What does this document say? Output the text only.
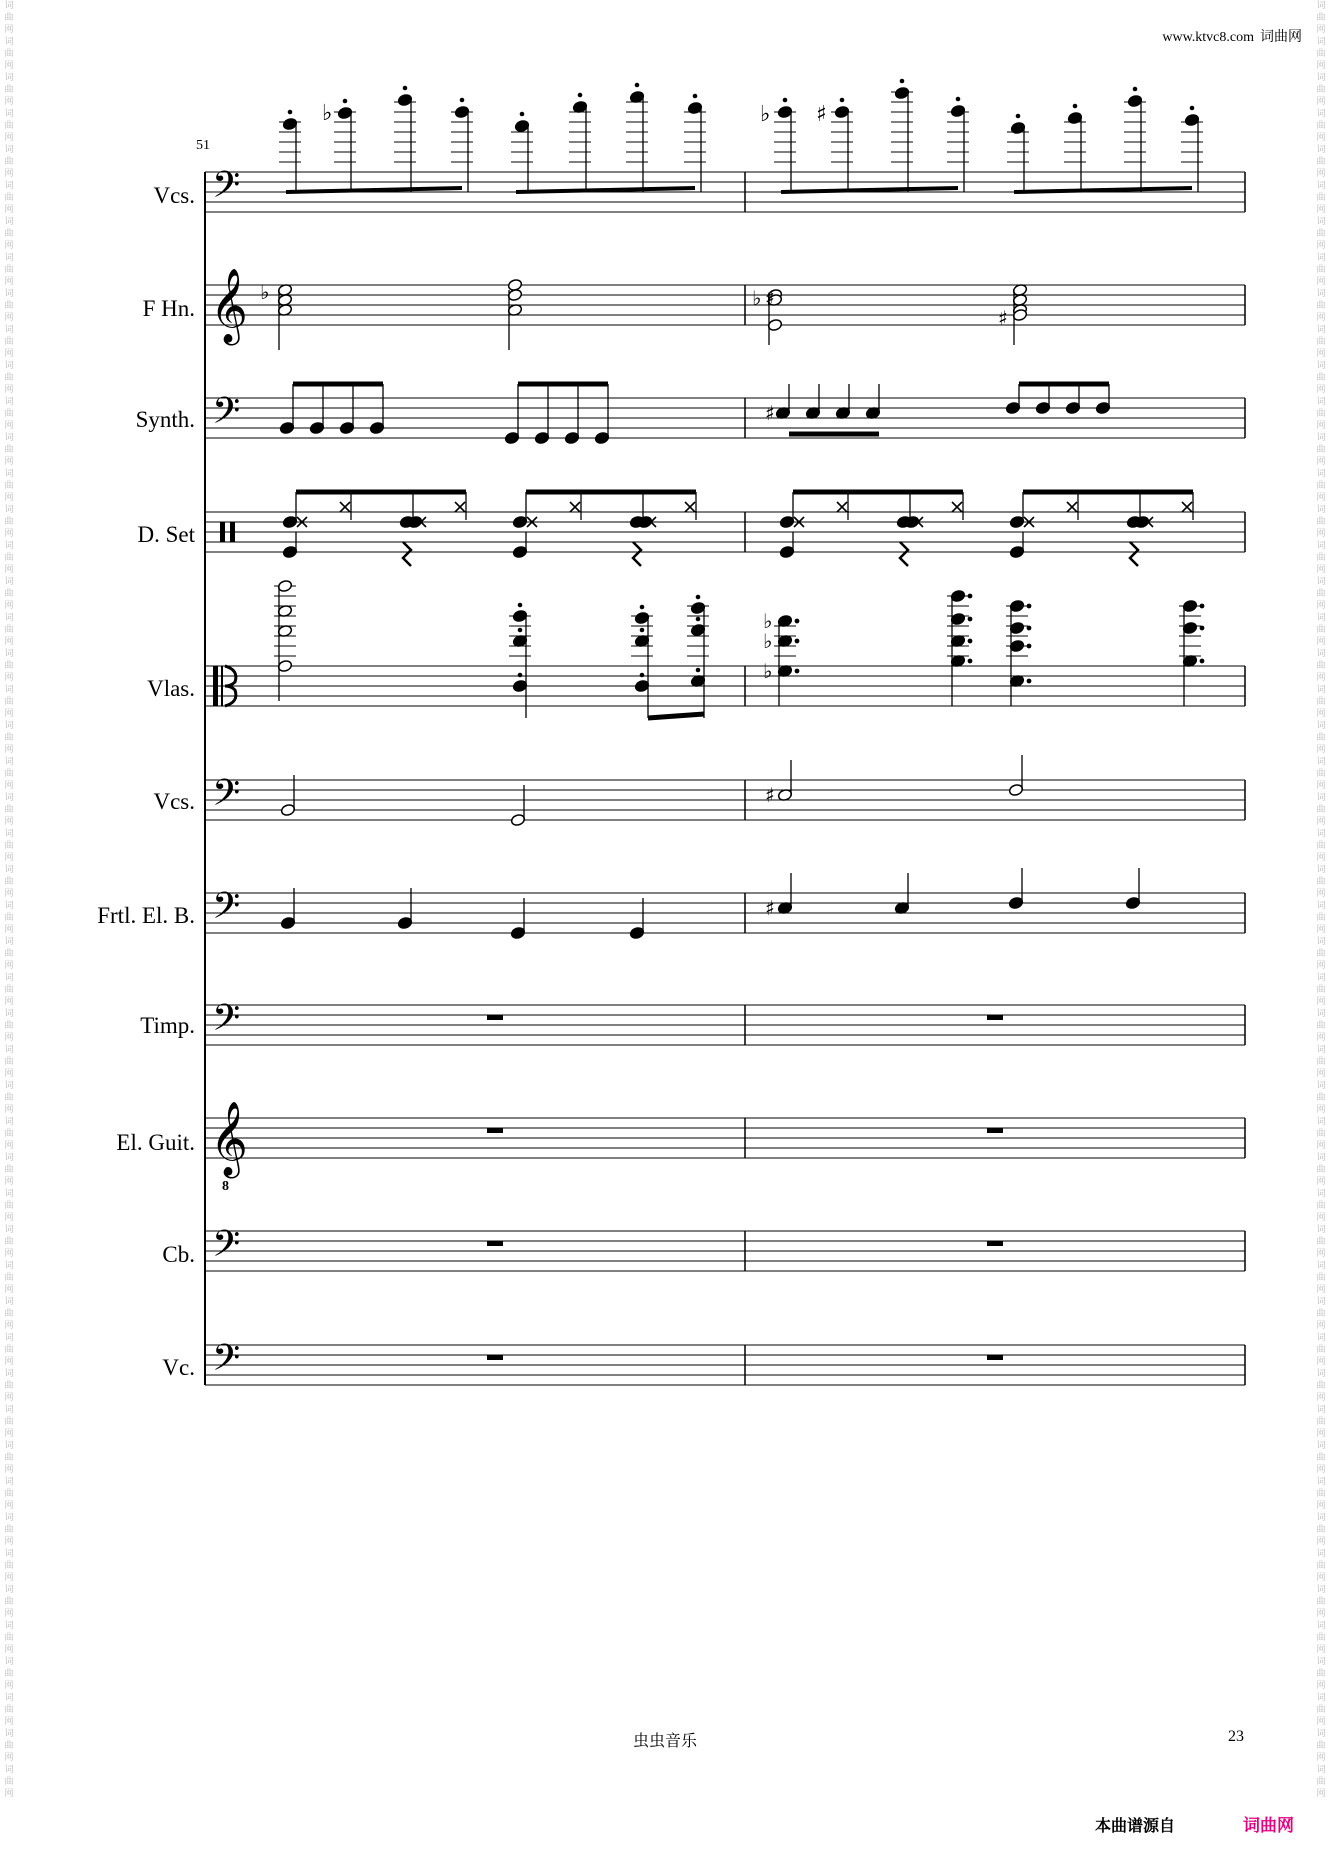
词曲网词曲网词曲网词曲网词曲网词曲网词曲网词曲网词曲网词曲网词曲网词曲网词曲网词曲网词曲网词曲网词曲网词曲网词曲网词曲网词曲网词曲网词曲网词曲网词曲网词曲网词曲网词曲网词曲网词曲网词曲网词曲网词曲网词曲网词曲网词曲网词曲网词曲网词曲网词曲网词曲网词曲网词曲网词曲网词曲网词曲网词曲网词曲网词曲网词曲网
词曲网词曲网词曲网词曲网词曲网词曲网词曲网词曲网词曲网词曲网词曲网词曲网词曲网词曲网词曲网词曲网词曲网词曲网词曲网词曲网词曲网词曲网词曲网词曲网词曲网词曲网词曲网词曲网词曲网词曲网词曲网词曲网词曲网词曲网词曲网词曲网词曲网词曲网词曲网词曲网词曲网词曲网词曲网词曲网词曲网词曲网词曲网词曲网词曲网词曲网
www.ktvc8.com 词曲网
51
Vcs.
F Hn.
Synth.
D. Set
Vlas.
Vcs.
Frtl. El. B.
Timp.
El. Guit.
Cb.
Vc.
𝄢
𝄞
𝄢
𝄢
𝄢
𝄢
𝄞
8
𝄢
𝄢
♭	♭ ♯
♭	♭ ♯
♯
♯
♭
♭
♭
♯
♯
虫虫音乐	23
本曲谱源自	词曲网
